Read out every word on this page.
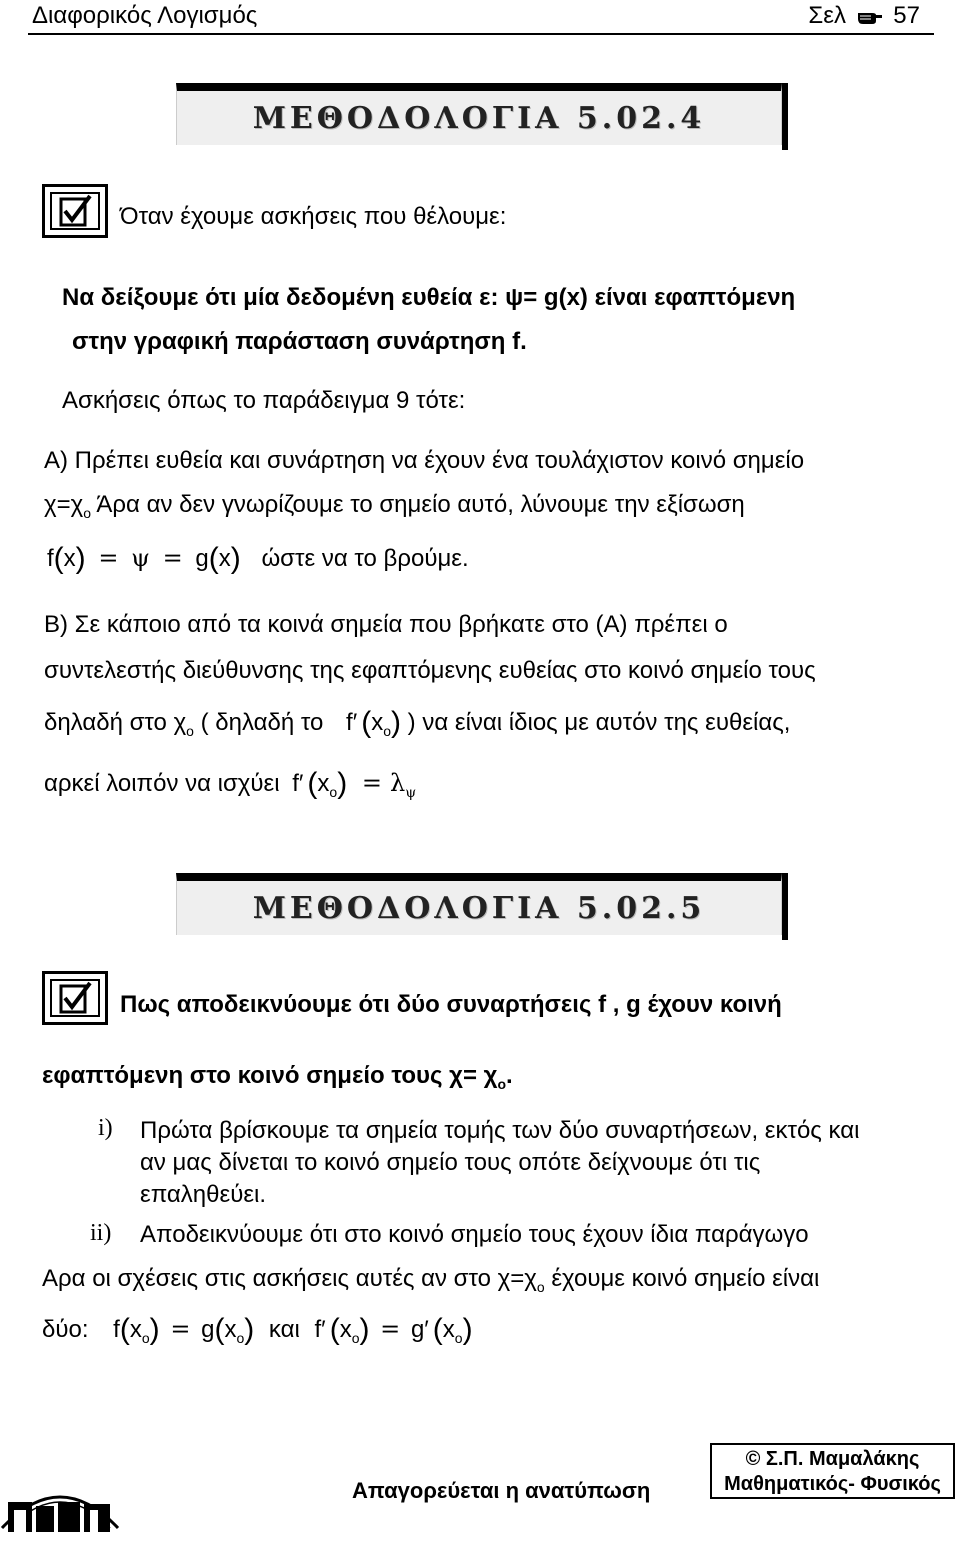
Διαφορικός Λογισμός	Σελ 57
ΜΕΘΟΔΟΛΟΓΙΑ 5.02.4
Όταν έχουμε ασκήσεις που θέλουμε:
Να δείξουμε ότι μία δεδομένη ευθεία ε: ψ= g(x) είναι εφαπτόμενη
στην γραφική παράσταση συνάρτηση f.
Ασκήσεις όπως το παράδειγμα 9 τότε:
Α) Πρέπει ευθεία και συνάρτηση να έχουν ένα τουλάχιστον κοινό σημείο
$\chi=\chi_o$ Άρα αν δεν γνωρίζουμε το σημείο αυτό, λύνουμε την εξίσωση
f(x) = ψ = g(x) ώστε να το βρούμε.
Β) Σε κάποιο από τα κοινά σημεία που βρήκατε στο (Α) πρέπει ο
συντελεστής διεύθυνσης της εφαπτόμενης ευθείας στο κοινό σημείο τους
δηλαδή στο $\chi_o$ ( δηλαδή το f′ $(x_o)$ ) να είναι ίδιος με αυτόν της ευθείας,
αρκεί λοιπόν να ισχύει f′ $(x_o) = \lambda_\psi$
ΜΕΘΟΔΟΛΟΓΙΑ 5.02.5
Πως αποδεικνύουμε ότι δύο συναρτήσεις f , g έχουν κοινή
εφαπτόμενη στο κοινό σημείο τους $\chi= \chi_o$.
i) Πρώτα βρίσκουμε τα σημεία τομής των δύο συναρτήσεων, εκτός και
αν μας δίνεται το κοινό σημείο τους οπότε δείχνουμε ότι τις
επαληθεύει.
ii) Αποδεικνύουμε ότι στο κοινό σημείο τους έχουν ίδια παράγωγο
Αρα οι σχέσεις στις ασκήσεις αυτές αν στο $\chi=\chi_o$ έχουμε κοινό σημείο είναι
δύο: $f(x_o) = g(x_o)$ και f′ $(x_o) = g'$ $(x_o)$
Απαγορεύεται η ανατύπωση
© Σ.Π. Μαμαλάκης
Μαθηματικός- Φυσικός
